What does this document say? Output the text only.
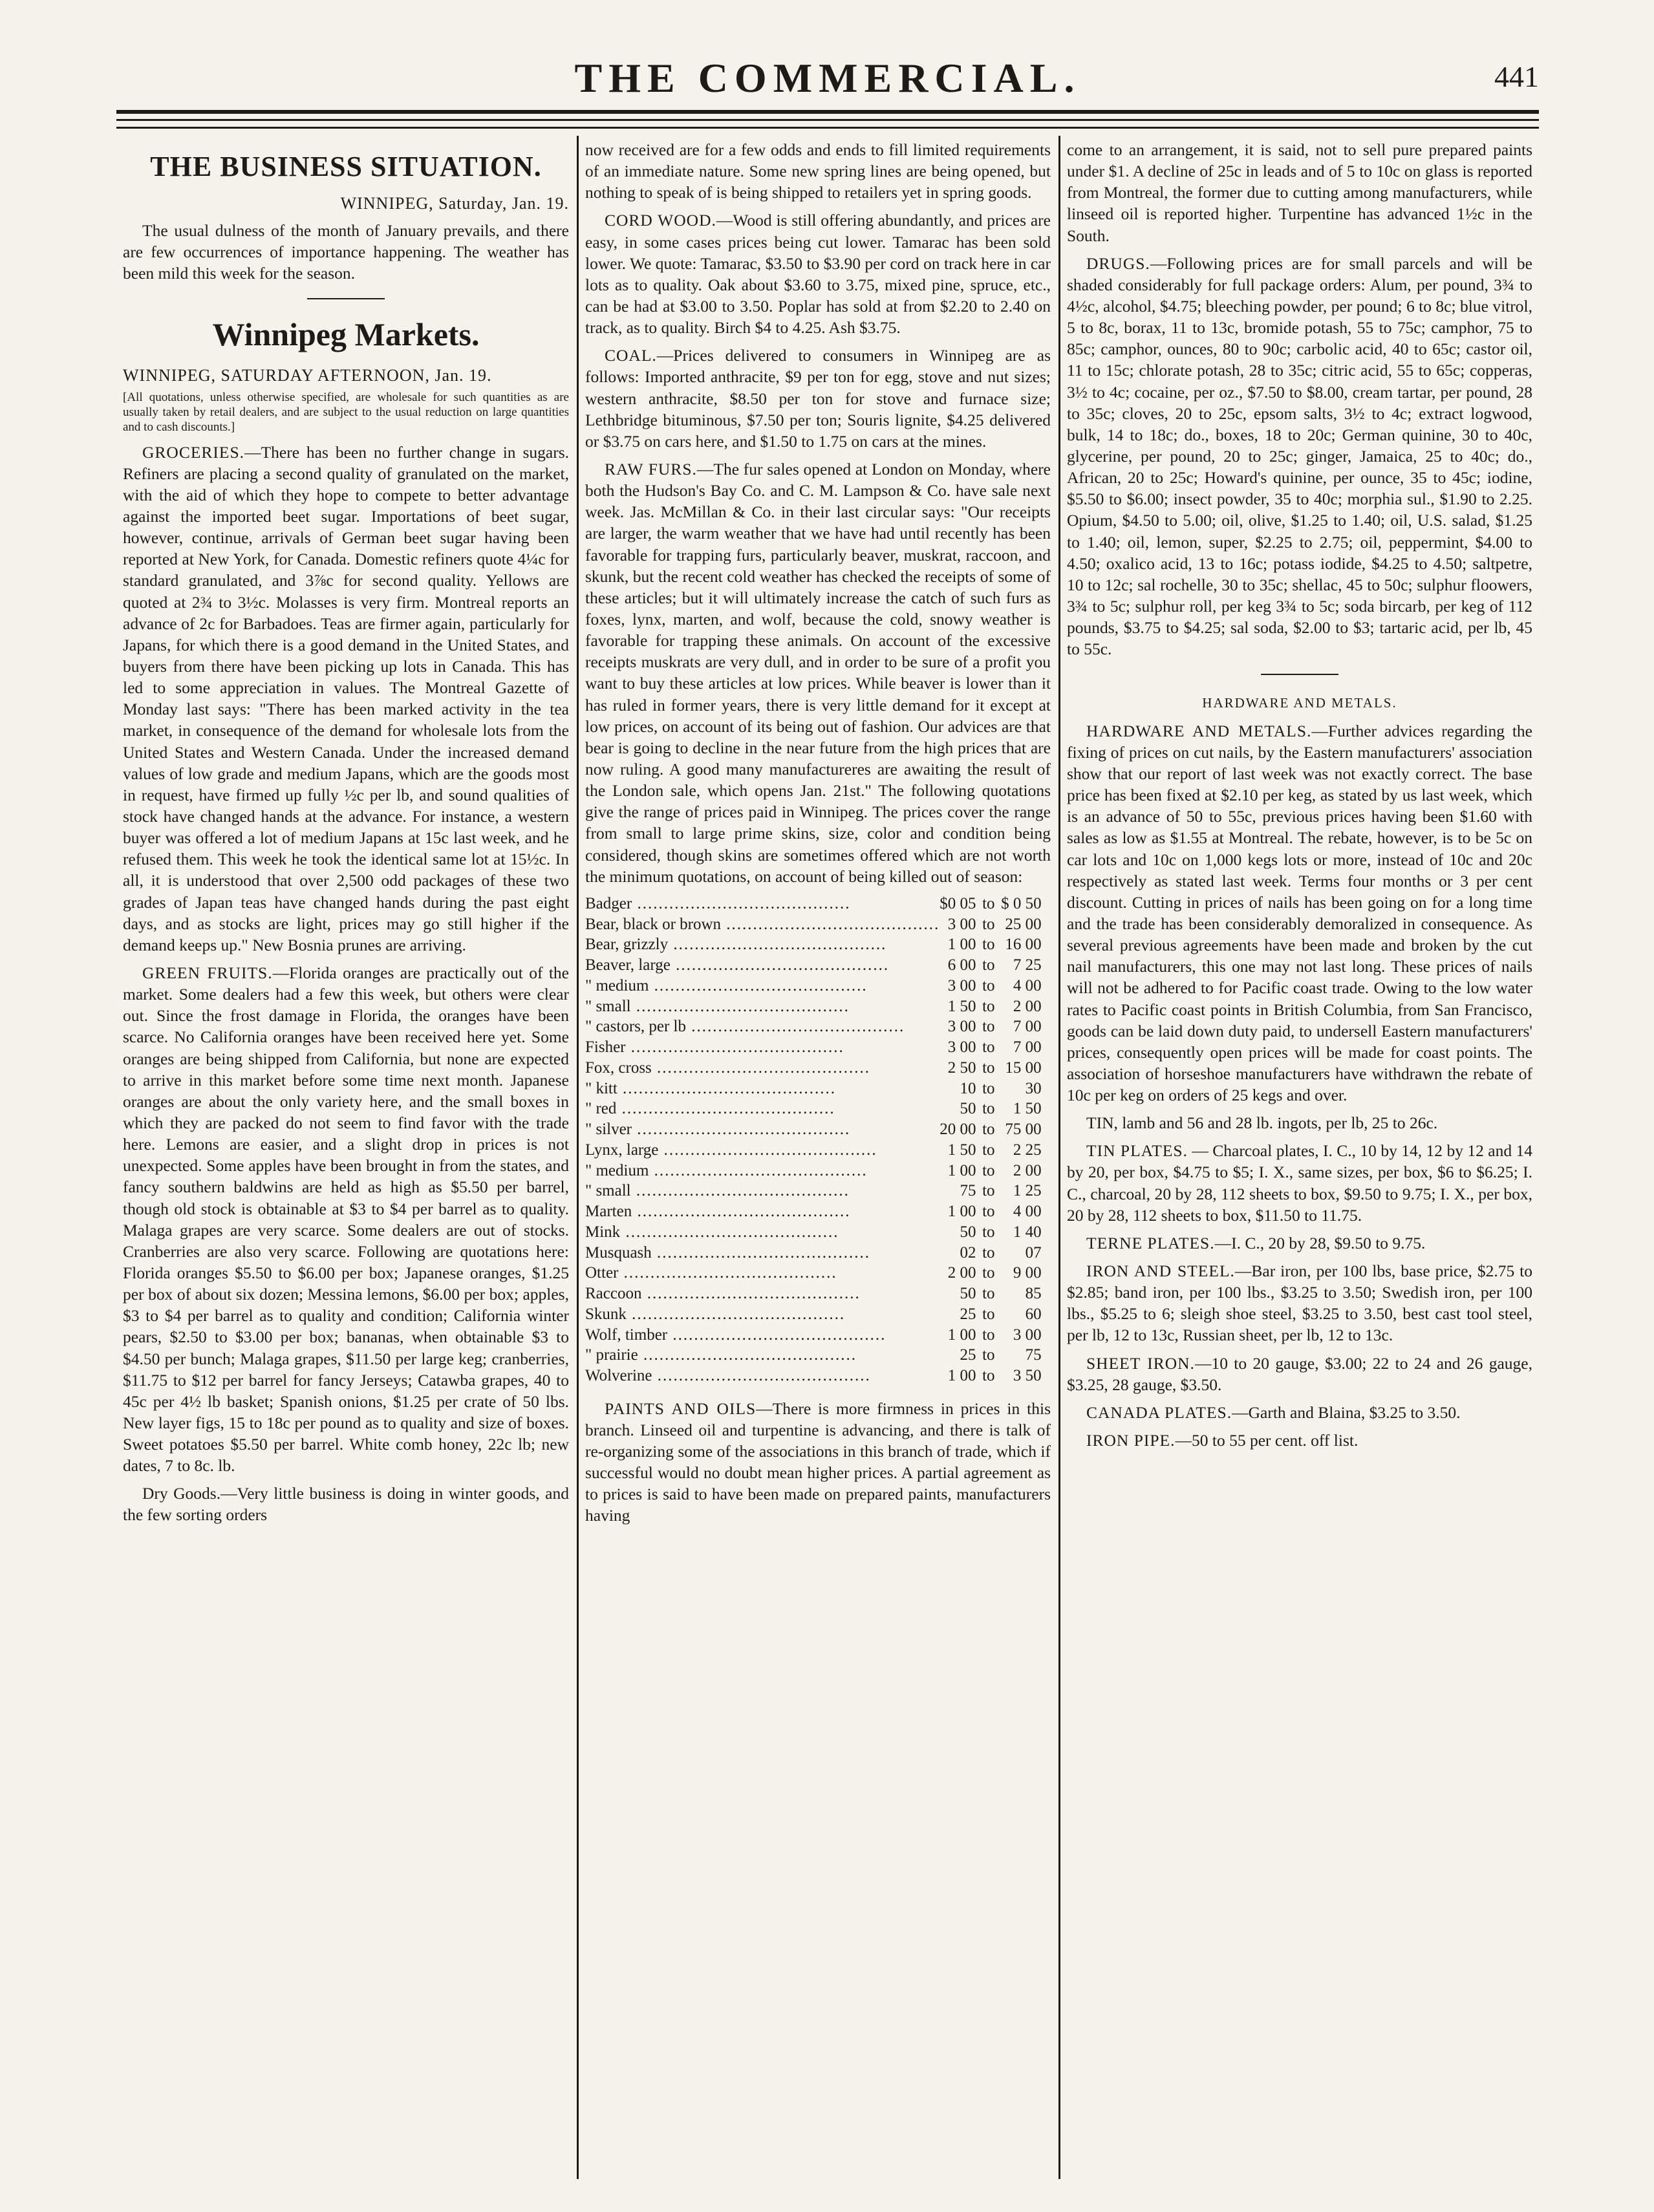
THE COMMERCIAL.	441
THE BUSINESS SITUATION.
WINNIPEG, Saturday, Jan. 19.

The usual dulness of the month of January prevails, and there are few occurrences of importance happening. The weather has been mild this week for the season.

Winnipeg Markets.
WINNIPEG, SATURDAY AFTERNOON, Jan. 19.

[All quotations, unless otherwise specified, are wholesale for such quantities as are usually taken by retail dealers, and are subject to the usual reduction on large quantities and to cash discounts.]

GROCERIES.—There has been no further change in sugars. Refiners are placing a second quality of granulated on the market, with the aid of which they hope to compete to better advantage against the imported beet sugar. Importations of beet sugar, however, continue, arrivals of German beet sugar having been reported at New York, for Canada. Domestic refiners quote 4¼c for standard granulated, and 3⅞c for second quality. Yellows are quoted at 2¾ to 3½c. Molasses is very firm. Montreal reports an advance of 2c for Barbadoes. Teas are firmer again, particularly for Japans, for which there is a good demand in the United States, and buyers from there have been picking up lots in Canada. This has led to some appreciation in values. The Montreal Gazette of Monday last says: "There has been marked activity in the tea market, in consequence of the demand for wholesale lots from the United States and Western Canada. Under the increased demand values of low grade and medium Japans, which are the goods most in request, have firmed up fully ½c per lb, and sound qualities of stock have changed hands at the advance. For instance, a western buyer was offered a lot of medium Japans at 15c last week, and he refused them. This week he took the identical same lot at 15½c. In all, it is understood that over 2,500 odd packages of these two grades of Japan teas have changed hands during the past eight days, and as stocks are light, prices may go still higher if the demand keeps up." New Bosnia prunes are arriving.

GREEN FRUITS.—Florida oranges are practically out of the market. Some dealers had a few this week, but others were clear out. Since the frost damage in Florida, the oranges have been scarce. No California oranges have been received here yet. Some oranges are being shipped from California, but none are expected to arrive in this market before some time next month. Japanese oranges are about the only variety here, and the small boxes in which they are packed do not seem to find favor with the trade here. Lemons are easier, and a slight drop in prices is not unexpected. Some apples have been brought in from the states, and fancy southern baldwins are held as high as $5.50 per barrel, though old stock is obtainable at $3 to $4 per barrel as to quality. Malaga grapes are very scarce. Some dealers are out of stocks. Cranberries are also very scarce. Following are quotations here: Florida oranges $5.50 to $6.00 per box; Japanese oranges, $1.25 per box of about six dozen; Messina lemons, $6.00 per box; apples, $3 to $4 per barrel as to quality and condition; California winter pears, $2.50 to $3.00 per box; bananas, when obtainable $3 to $4.50 per bunch; Malaga grapes, $11.50 per large keg; cranberries, $11.75 to $12 per barrel for fancy Jerseys; Catawba grapes, 40 to 45c per 4½ lb basket; Spanish onions, $1.25 per crate of 50 lbs. New layer figs, 15 to 18c per pound as to quality and size of boxes. Sweet potatoes $5.50 per barrel. White comb honey, 22c lb; new dates, 7 to 8c. lb.

Dry Goods.—Very little business is doing in winter goods, and the few sorting orders

now received are for a few odds and ends to fill limited requirements of an immediate nature. Some new spring lines are being opened, but nothing to speak of is being shipped to retailers yet in spring goods.

CORD WOOD.—Wood is still offering abundantly, and prices are easy, in some cases prices being cut lower. Tamarac has been sold lower. We quote: Tamarac, $3.50 to $3.90 per cord on track here in car lots as to quality. Oak about $3.60 to 3.75, mixed pine, spruce, etc., can be had at $3.00 to 3.50. Poplar has sold at from $2.20 to 2.40 on track, as to quality. Birch $4 to 4.25. Ash $3.75.

COAL.—Prices delivered to consumers in Winnipeg are as follows: Imported anthracite, $9 per ton for egg, stove and nut sizes; western anthracite, $8.50 per ton for stove and furnace size; Lethbridge bituminous, $7.50 per ton; Souris lignite, $4.25 delivered or $3.75 on cars here, and $1.50 to 1.75 on cars at the mines.

RAW FURS.—The fur sales opened at London on Monday, where both the Hudson's Bay Co. and C. M. Lampson & Co. have sale next week. Jas. McMillan & Co. in their last circular says: "Our receipts are larger, the warm weather that we have had until recently has been favorable for trapping furs, particularly beaver, muskrat, raccoon, and skunk, but the recent cold weather has checked the receipts of some of these articles; but it will ultimately increase the catch of such furs as foxes, lynx, marten, and wolf, because the cold, snowy weather is favorable for trapping these animals. On account of the excessive receipts muskrats are very dull, and in order to be sure of a profit you want to buy these articles at low prices. While beaver is lower than it has ruled in former years, there is very little demand for it except at low prices, on account of its being out of fashion. Our advices are that bear is going to decline in the near future from the high prices that are now ruling. A good many manufactureres are awaiting the result of the London sale, which opens Jan. 21st." The following quotations give the range of prices paid in Winnipeg. The prices cover the range from small to large prime skins, size, color and condition being considered, though skins are sometimes offered which are not worth the minimum quotations, on account of being killed out of season:

Badger ........................................	$0 05	to	$ 0 50
Bear, black or brown ........................................	3 00	to	25 00
Bear, grizzly ........................................	1 00	to	16 00
Beaver, large ........................................	6 00	to	7 25
" medium ........................................	3 00	to	4 00
" small ........................................	1 50	to	2 00
" castors, per lb ........................................	3 00	to	7 00
Fisher ........................................	3 00	to	7 00
Fox, cross ........................................	2 50	to	15 00
" kitt ........................................	10	to	30
" red ........................................	50	to	1 50
" silver ........................................	20 00	to	75 00
Lynx, large ........................................	1 50	to	2 25
" medium ........................................	1 00	to	2 00
" small ........................................	75	to	1 25
Marten ........................................	1 00	to	4 00
Mink ........................................	50	to	1 40
Musquash ........................................	02	to	07
Otter ........................................	2 00	to	9 00
Raccoon ........................................	50	to	85
Skunk ........................................	25	to	60
Wolf, timber ........................................	1 00	to	3 00
" prairie ........................................	25	to	75
Wolverine ........................................	1 00	to	3 50

PAINTS AND OILS—There is more firmness in prices in this branch. Linseed oil and turpentine is advancing, and there is talk of re-organizing some of the associations in this branch of trade, which if successful would no doubt mean higher prices. A partial agreement as to prices is said to have been made on prepared paints, manufacturers having

come to an arrangement, it is said, not to sell pure prepared paints under $1. A decline of 25c in leads and of 5 to 10c on glass is reported from Montreal, the former due to cutting among manufacturers, while linseed oil is reported higher. Turpentine has advanced 1½c in the South.

DRUGS.—Following prices are for small parcels and will be shaded considerably for full package orders: Alum, per pound, 3¾ to 4½c, alcohol, $4.75; bleeching powder, per pound; 6 to 8c; blue vitrol, 5 to 8c, borax, 11 to 13c, bromide potash, 55 to 75c; camphor, 75 to 85c; camphor, ounces, 80 to 90c; carbolic acid, 40 to 65c; castor oil, 11 to 15c; chlorate potash, 28 to 35c; citric acid, 55 to 65c; copperas, 3½ to 4c; cocaine, per oz., $7.50 to $8.00, cream tartar, per pound, 28 to 35c; cloves, 20 to 25c, epsom salts, 3½ to 4c; extract logwood, bulk, 14 to 18c; do., boxes, 18 to 20c; German quinine, 30 to 40c, glycerine, per pound, 20 to 25c; ginger, Jamaica, 25 to 40c; do., African, 20 to 25c; Howard's quinine, per ounce, 35 to 45c; iodine, $5.50 to $6.00; insect powder, 35 to 40c; morphia sul., $1.90 to 2.25. Opium, $4.50 to 5.00; oil, olive, $1.25 to 1.40; oil, U.S. salad, $1.25 to 1.40; oil, lemon, super, $2.25 to 2.75; oil, peppermint, $4.00 to 4.50; oxalico acid, 13 to 16c; potass iodide, $4.25 to 4.50; saltpetre, 10 to 12c; sal rochelle, 30 to 35c; shellac, 45 to 50c; sulphur floowers, 3¾ to 5c; sulphur roll, per keg 3¾ to 5c; soda bircarb, per keg of 112 pounds, $3.75 to $4.25; sal soda, $2.00 to $3; tartaric acid, per lb, 45 to 55c.

HARDWARE AND METALS.

HARDWARE AND METALS.—Further advices regarding the fixing of prices on cut nails, by the Eastern manufacturers' association show that our report of last week was not exactly correct. The base price has been fixed at $2.10 per keg, as stated by us last week, which is an advance of 50 to 55c, previous prices having been $1.60 with sales as low as $1.55 at Montreal. The rebate, however, is to be 5c on car lots and 10c on 1,000 kegs lots or more, instead of 10c and 20c respectively as stated last week. Terms four months or 3 per cent discount. Cutting in prices of nails has been going on for a long time and the trade has been considerably demoralized in consequence. As several previous agreements have been made and broken by the cut nail manufacturers, this one may not last long. These prices of nails will not be adhered to for Pacific coast trade. Owing to the low water rates to Pacific coast points in British Columbia, from San Francisco, goods can be laid down duty paid, to undersell Eastern manufacturers' prices, consequently open prices will be made for coast points. The association of horseshoe manufacturers have withdrawn the rebate of 10c per keg on orders of 25 kegs and over.

TIN, lamb and 56 and 28 lb. ingots, per lb, 25 to 26c.

TIN PLATES. — Charcoal plates, I. C., 10 by 14, 12 by 12 and 14 by 20, per box, $4.75 to $5; I. X., same sizes, per box, $6 to $6.25; I. C., charcoal, 20 by 28, 112 sheets to box, $9.50 to 9.75; I. X., per box, 20 by 28, 112 sheets to box, $11.50 to 11.75.

TERNE PLATES.—I. C., 20 by 28, $9.50 to 9.75.

IRON AND STEEL.—Bar iron, per 100 lbs, base price, $2.75 to $2.85; band iron, per 100 lbs., $3.25 to 3.50; Swedish iron, per 100 lbs., $5.25 to 6; sleigh shoe steel, $3.25 to 3.50, best cast tool steel, per lb, 12 to 13c, Russian sheet, per lb, 12 to 13c.

SHEET IRON.—10 to 20 gauge, $3.00; 22 to 24 and 26 gauge, $3.25, 28 gauge, $3.50.

CANADA PLATES.—Garth and Blaina, $3.25 to 3.50.

IRON PIPE.—50 to 55 per cent. off list.
